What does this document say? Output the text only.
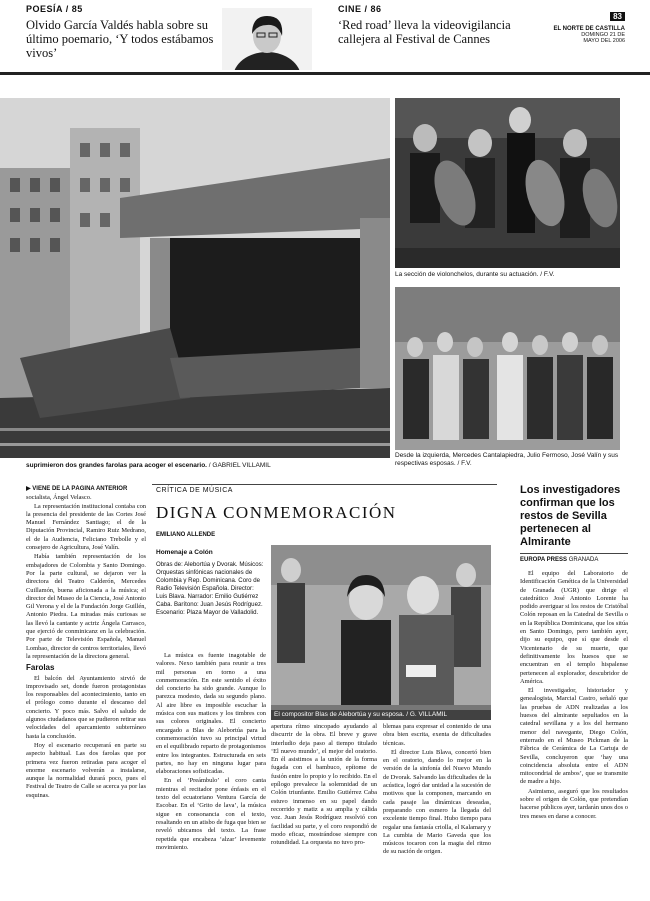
POESÍA / 85
Olvido García Valdés habla sobre su último poemario, ‘Y todos estábamos vivos’
CINE / 86
‘Red road’ lleva la videovigilancia callejera al Festival de Cannes
83
EL NORTE DE CASTILLA
DOMINGO 21 DE
MAYO DEL 2006
La sección de violonchelos, durante su actuación. / F.V.
Desde la izquierda, Mercedes Cantalapiedra, Julio Fermoso, José Valín y sus respectivas esposas. / F.V.
suprimieron dos grandes farolas para acoger el escenario. / GABRIEL VILLAMIL
▶ VIENE DE LA PÁGINA ANTERIOR
socialista, Ángel Velasco.

La representación institucional contaba con la presencia del presidente de las Cortes José Manuel Fernández Santiago; el de la Diputación Provincial, Ramiro Ruiz Medrano, el de la Audiencia, Feliciano Trebolle y el consejero de Agricultura, José Valín.

Había también representación de los embajadores de Colombia y Santo Domingo. Por la parte cultural, se dejaron ver la directora del Teatro Calderón, Mercedes Cuillamón, buena aficionada a la música; el director del Museo de la Ciencia, José Antonio Gil Verona y el de la Fundación Jorge Guillén, Antonio Piedra. La miradas más curiosas se las llevó la cantante y actriz Ángela Carrasco, que ejerció de conminicanz en la celebración. Por parte de Televisión Española, Manuel Lombao, director de centros territoriales, llevó la representación de la directora general.

Farolas

El balcón del Ayuntamiento sirvió de improvisado set, donde fueron protagonistas los responsables del acontecimiento, tanto en el prólogo como durante el descanso del concierto. Y poco más. Salvo el saludo de algunos ciudadanos que se pudieron retirar sus velocidades del aparcamiento subterráneo hasta la conclusión.

Hoy el escenario recuperará en parte su aspecto habitual. Las dos farolas que por primera vez fueron retiradas para acoger el enorme escenario volverán a instalarse, aunque la normalidad durará poco, pues el Festival de Teatro de Calle se acerca ya por las esquinas.

CRÍTICA DE MÚSICA
DIGNA CONMEMORACIÓN
EMILIANO ALLENDE
Homenaje a Colón
Obras de: Alebortúa y Dvorak. Músicos: Orquestas sinfónicas nacionales de Colombia y Rep. Dominicana. Coro de Radio Televisión Española. Director: Luis Blava. Narrador: Emilio Gutiérrez Caba. Barítono: Juan Jesús Rodríguez. Escenario: Plaza Mayor de Valladolid.
El compositor Blas de Alebortúa y su esposa. / G. VILLAMIL

La música es fuente inagotable de valores. Nexo también para reunir a tres mil personas en torno a una conmemoración. En este sentido el éxito del concierto ha sido grande. Aunque lo parezca modesto, dada su segundo plano. Al aire libre es imposible escuchar la música con sus matices y los timbres con sus colores originales. El concierto encargado a Blas de Alebortúa para la conmemoración tuvo su principal virtud en el equilibrado reparto de protagonismos entre los integrantes. Estructurada en seis partes, no hay en ninguna lugar para elaboraciones sofisticadas.

En el ‘Preámbulo’ el coro canta mientras el recitador pone énfasis en el texto del ecuatoriano Ventura García de Escobar. En el ‘Grito de lava’, la música sigue en consonancia con el texto, resaltando en un atisbo de fuga que bien se reveló ubicamos del texto. La frase repetida que encabeza ‘alzar’ levemente movimiento.

apertura rítmo sincopado ayudando al discurrir de la obra. El breve y grave interludio deja paso al tiempo titulado ‘El nuevo mundo’, el mejor del oratorio. En él asistimos a la unión de la forma fugada con el bambuco, epítome de fusión entre lo propio y lo recibido. En el epílogo prevalece la solemnidad de un Colón triunfante. Emilio Gutiérrez Caba estuvo inmenso en su papel dando recorrido y matiz a su amplia y cálida voz. Juan Jesús Rodríguez resolvió con facilidad su parte, y el coro respondió de modo eficaz, mostrándose siempre con rotundidad. La orquesta no tuvo pro-

blemas para expresar el contenido de una obra bien escrita, exenta de dificultades técnicas.

El director Luis Blava, concertó bien en el oratorio, dando lo mejor en la versión de la sinfonía del Nuevo Mundo de Dvorak. Salvando las dificultades de la acústica, logró dar unidad a la sucesión de motivos que la componen, marcando en cada pasaje las dinámicas deseadas, preparando con esmero la llegada del excelente tiempo final. Hubo tiempo para regalar una fantasía criolla, el Kalamary y La cumbia de Mario Gaveda que los músicos tocaron con la magia del ritmo de su nación de origen.

Los investigadores confirman que los restos de Sevilla pertenecen al Almirante
EUROPA PRESS GRANADA

El equipo del Laboratorio de Identificación Genética de la Universidad de Granada (UGR) que dirige el catedrático José Antonio Lorente ha podido averiguar si los restos de Cristóbal Colón reposan en la Catedral de Sevilla o en la República Dominicana, que los sitúa en Santo Domingo, pero también ayer, dijo su equipo, que sí que desde el Vicentenario de su muerte, que definitivamente los huesos que se encuentran en el templo hispalense pertenecen al explorador, descubridor de América.

El investigador, historiador y genealogista, Marcial Castro, señaló que las pruebas de ADN realizadas a los huesos del almirante sepultados en la catedral sevillana y a los del hermano menor del navegante, Diego Colón, enterrado en el Museo Pickman de la Fábrica de Cerámica de La Cartuja de Sevilla, concluyeron que ‘hay una coincidencia absoluta entre el ADN mitocondrial de ambos’, que se transmite de madre a hijo.

Asimismo, aseguró que los resultados sobre el origen de Colón, que pretendían hacerse públicos ayer, tardarán unos dos o tres meses en darse a conocer.
